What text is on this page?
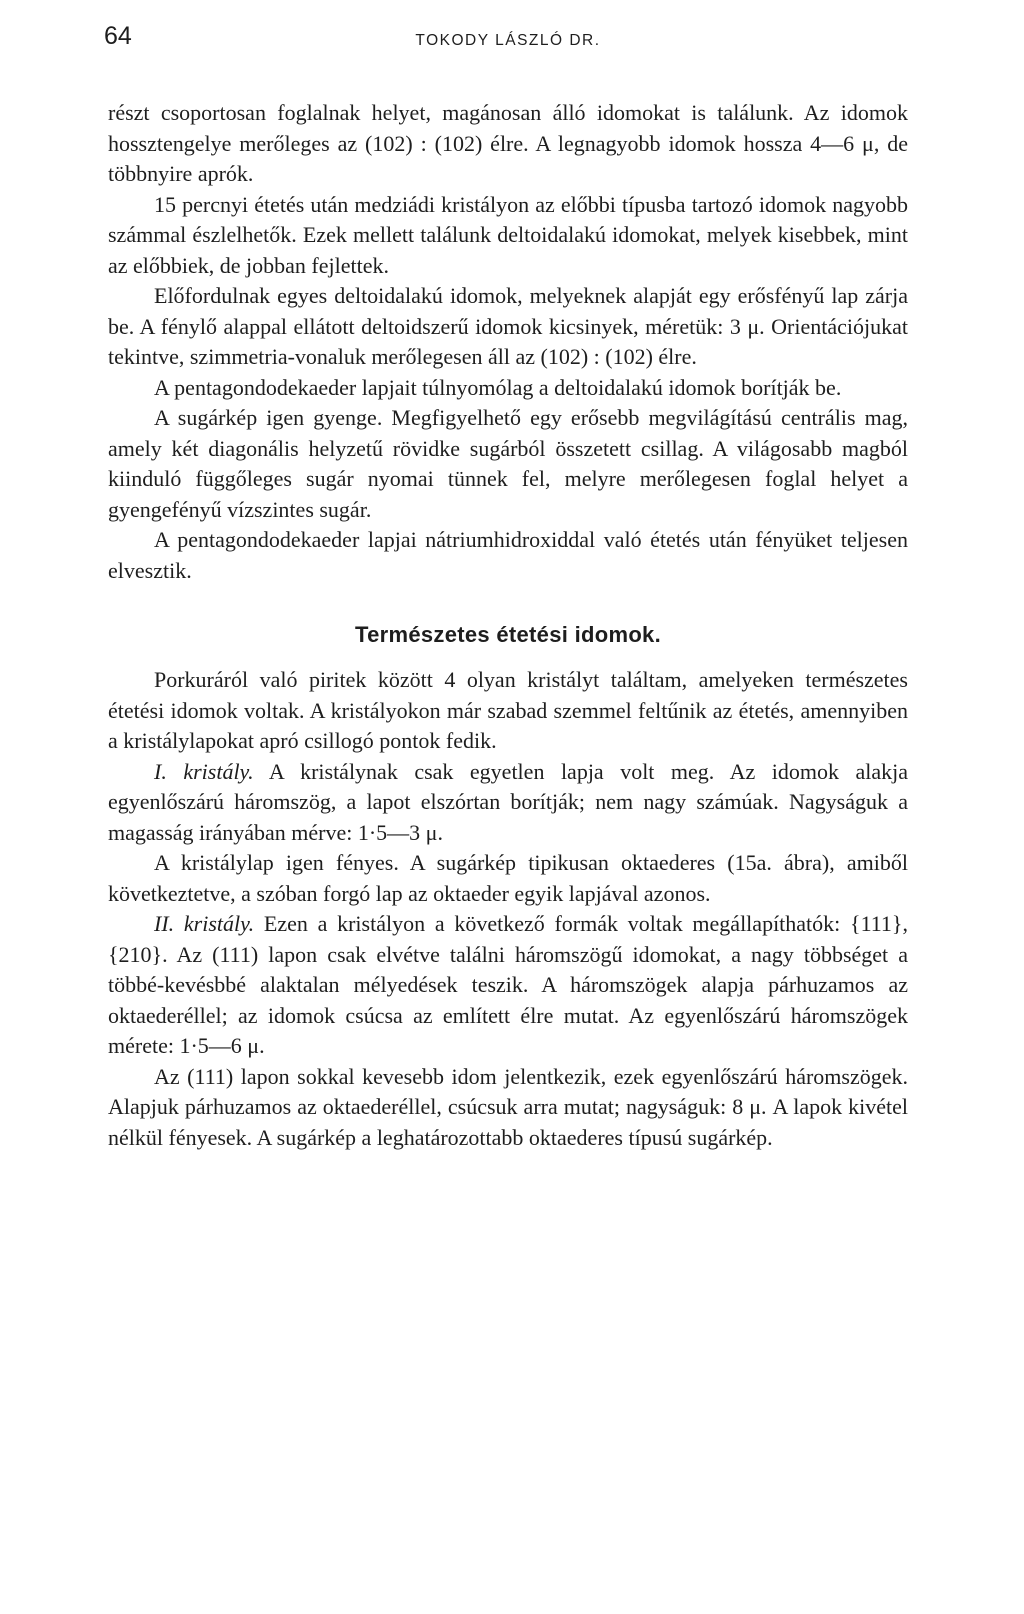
64	TOKODY LÁSZLÓ DR.

részt csoportosan foglalnak helyet, magánosan álló idomokat is találunk. Az idomok hossztengelye merőleges az (102) : (102) élre. A legnagyobb idomok hossza 4—6 μ, de többnyire aprók.

15 percnyi étetés után medziádi kristályon az előbbi típusba tartozó idomok nagyobb számmal észlelhetők. Ezek mellett találunk deltoidalakú idomokat, melyek kisebbek, mint az előbbiek, de jobban fejlettek.

Előfordulnak egyes deltoidalakú idomok, melyeknek alapját egy erősfényű lap zárja be. A fénylő alappal ellátott deltoidszerű idomok kicsinyek, méretük: 3 μ. Orientációjukat tekintve, szimmetria-vonaluk merőlegesen áll az (102) : (102) élre.

A pentagondodekaeder lapjait túlnyomólag a deltoidalakú idomok borítják be.

A sugárkép igen gyenge. Megfigyelhető egy erősebb megvilágítású centrális mag, amely két diagonális helyzetű rövidke sugárból összetett csillag. A világosabb magból kiinduló függőleges sugár nyomai tünnek fel, melyre merőlegesen foglal helyet a gyengefényű vízszintes sugár.

A pentagondodekaeder lapjai nátriumhidroxiddal való étetés után fényüket teljesen elvesztik.

Természetes étetési idomok.

Porkuráról való piritek között 4 olyan kristályt találtam, amelyeken természetes étetési idomok voltak. A kristályokon már szabad szemmel feltűnik az étetés, amennyiben a kristálylapokat apró csillogó pontok fedik.

I. kristály. A kristálynak csak egyetlen lapja volt meg. Az idomok alakja egyenlőszárú háromszög, a lapot elszórtan borítják; nem nagy számúak. Nagyságuk a magasság irányában mérve: 1·5—3 μ.

A kristálylap igen fényes. A sugárkép tipikusan oktaederes (15a. ábra), amiből következtetve, a szóban forgó lap az oktaeder egyik lapjával azonos.

II. kristály. Ezen a kristályon a következő formák voltak megállapíthatók: {111}, {210}. Az (111) lapon csak elvétve találni háromszögű idomokat, a nagy többséget a többé-kevésbbé alaktalan mélyedések teszik. A háromszögek alapja párhuzamos az oktaederéllel; az idomok csúcsa az említett élre mutat. Az egyenlőszárú háromszögek mérete: 1·5—6 μ.

Az (111) lapon sokkal kevesebb idom jelentkezik, ezek egyenlőszárú háromszögek. Alapjuk párhuzamos az oktaederéllel, csúcsuk arra mutat; nagyságuk: 8 μ. A lapok kivétel nélkül fényesek. A sugárkép a leghatározottabb oktaederes típusú sugárkép.
